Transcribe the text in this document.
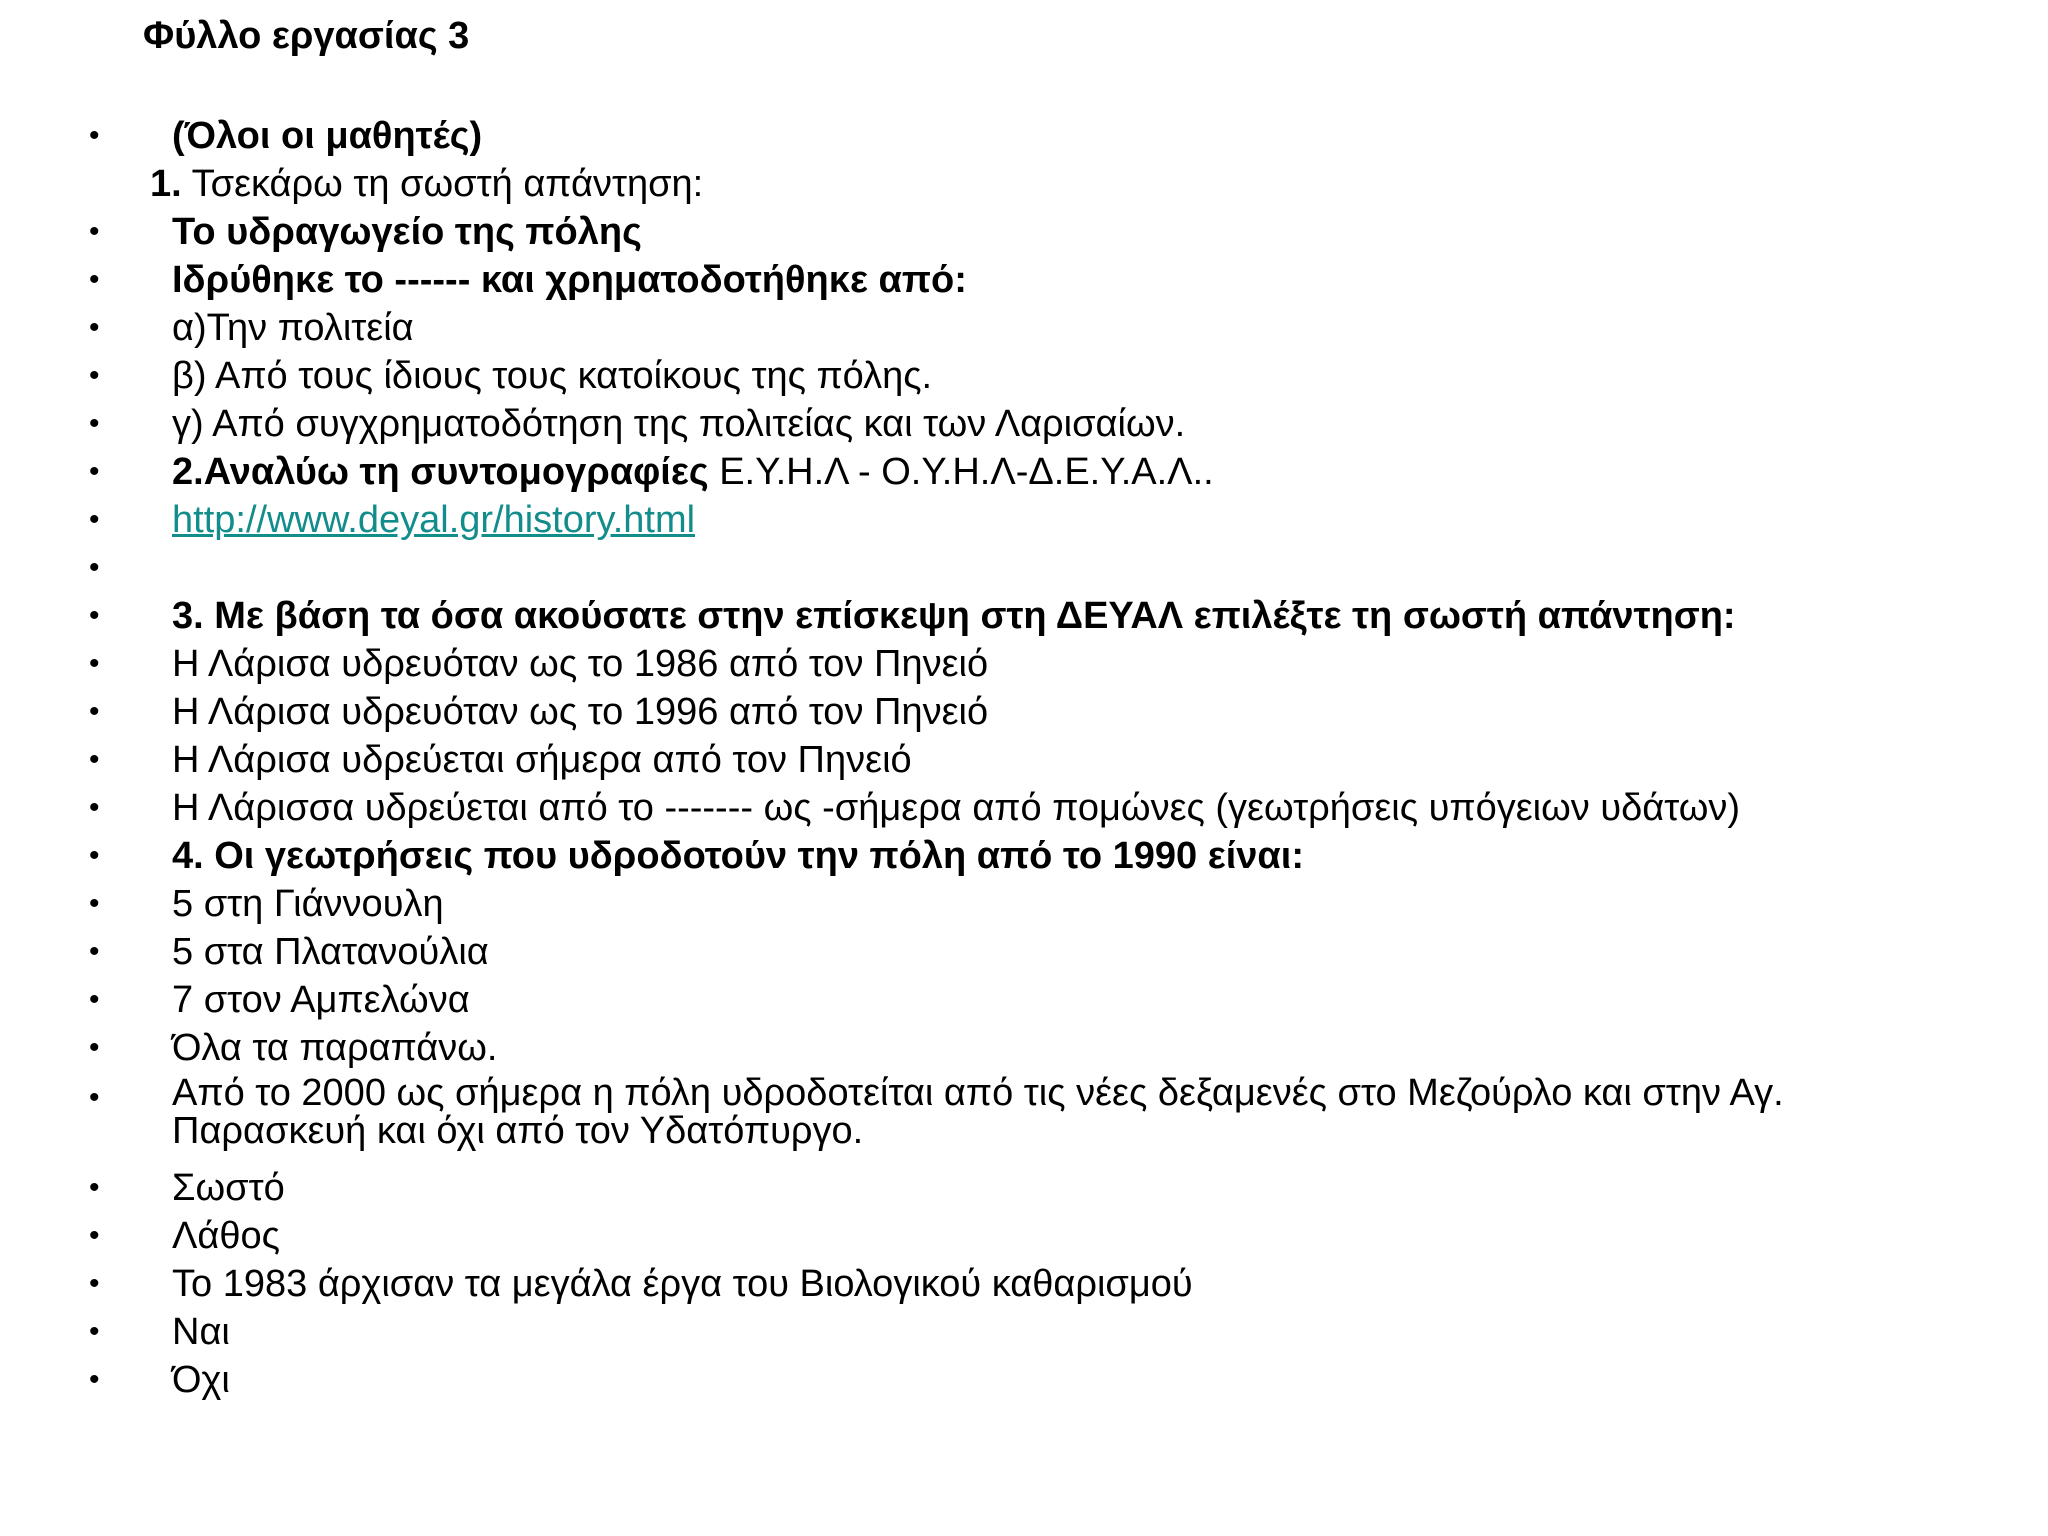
Φύλλο εργασίας 3
• (Όλοι οι μαθητές)
1. Τσεκάρω τη σωστή απάντηση:
• Το υδραγωγείο της πόλης
• Ιδρύθηκε το ------ και χρηματοδοτήθηκε από:
• α)Την πολιτεία
• β) Από τους ίδιους τους κατοίκους της πόλης.
• γ) Από συγχρηματοδότηση της πολιτείας και των Λαρισαίων.
• 2.Αναλύω τη συντομογραφίες Ε.Υ.Η.Λ - Ο.Υ.Η.Λ-Δ.Ε.Υ.Α.Λ..
• http://www.deyal.gr/history.html
•
• 3. Με βάση τα όσα ακούσατε στην επίσκεψη στη ΔΕΥΑΛ επιλέξτε τη σωστή απάντηση:
• Η Λάρισα υδρευόταν ως το 1986 από τον Πηνειό
• Η Λάρισα υδρευόταν ως το 1996 από τον Πηνειό
• Η Λάρισα υδρεύεται σήμερα από τον Πηνειό
• Η Λάρισσα υδρεύεται από το ------- ως -σήμερα από πομώνες (γεωτρήσεις υπόγειων υδάτων)
• 4. Οι γεωτρήσεις που υδροδοτούν την πόλη από το 1990 είναι:
• 5 στη Γιάννουλη
• 5 στα Πλατανούλια
• 7 στον Αμπελώνα
• Όλα τα παραπάνω.
• Από το 2000 ως σήμερα η πόλη υδροδοτείται από τις νέες δεξαμενές στο Μεζούρλο και στην Αγ. Παρασκευή και όχι από τον Υδατόπυργο.
• Σωστό
• Λάθος
• Το 1983 άρχισαν τα μεγάλα έργα του Βιολογικού καθαρισμού
• Ναι
• Όχι
